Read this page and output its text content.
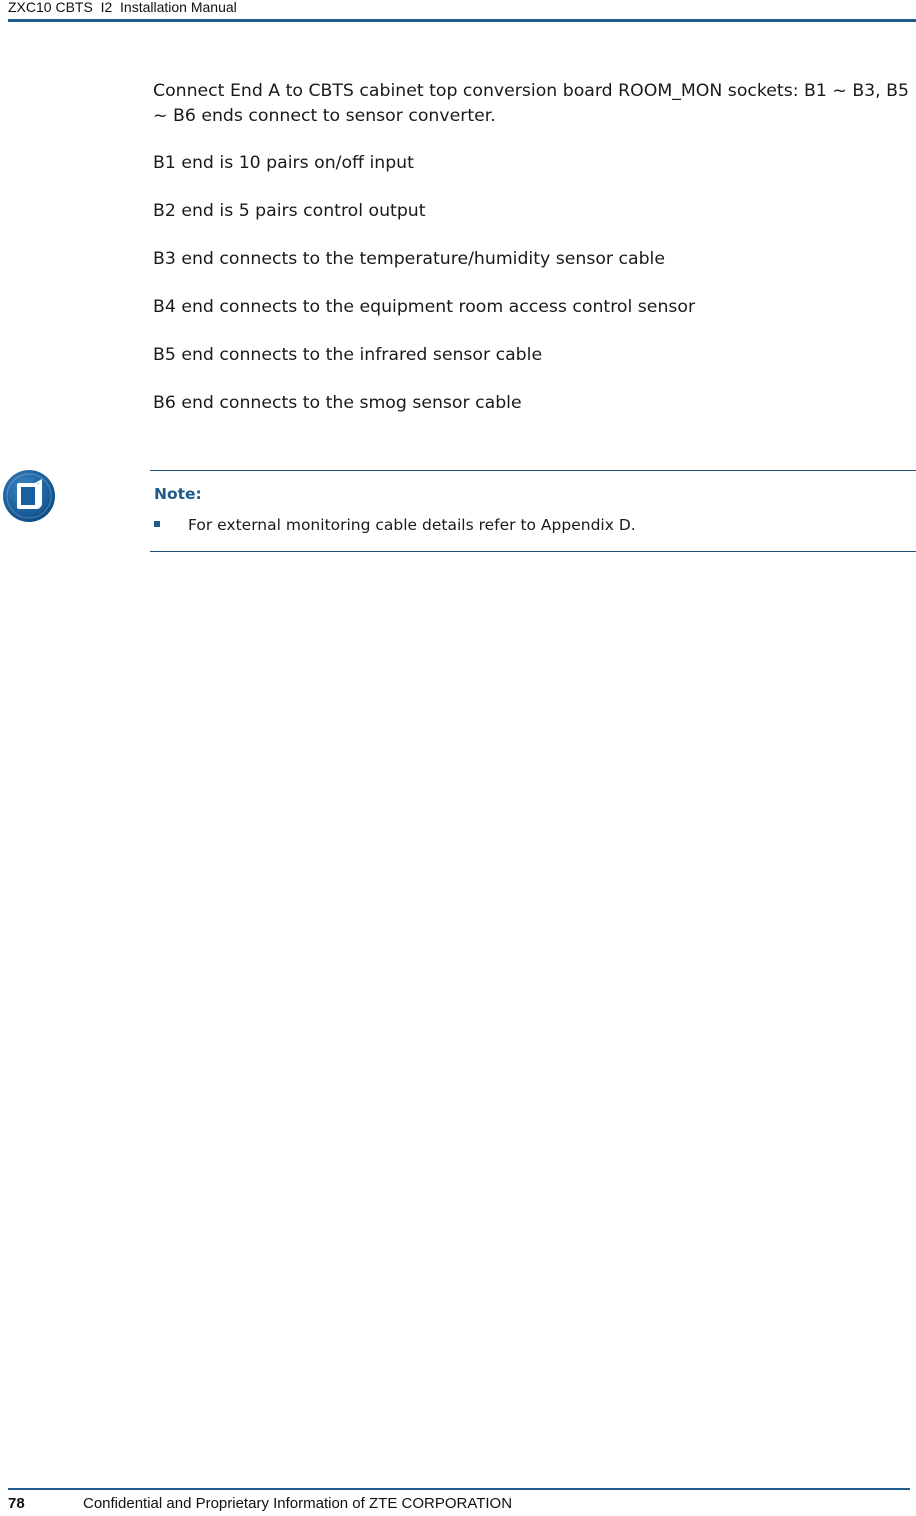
ZXC10 CBTS  I2  Installation Manual

Connect End A to CBTS cabinet top conversion board ROOM_MON sockets: B1 ~ B3, B5 ~ B6 ends connect to sensor converter.

B1 end is 10 pairs on/off input

B2 end is 5 pairs control output

B3 end connects to the temperature/humidity sensor cable

B4 end connects to the equipment room access control sensor

B5 end connects to the infrared sensor cable

B6 end connects to the smog sensor cable

Note:
For external monitoring cable details refer to Appendix D.
78	Confidential and Proprietary Information of ZTE CORPORATION
